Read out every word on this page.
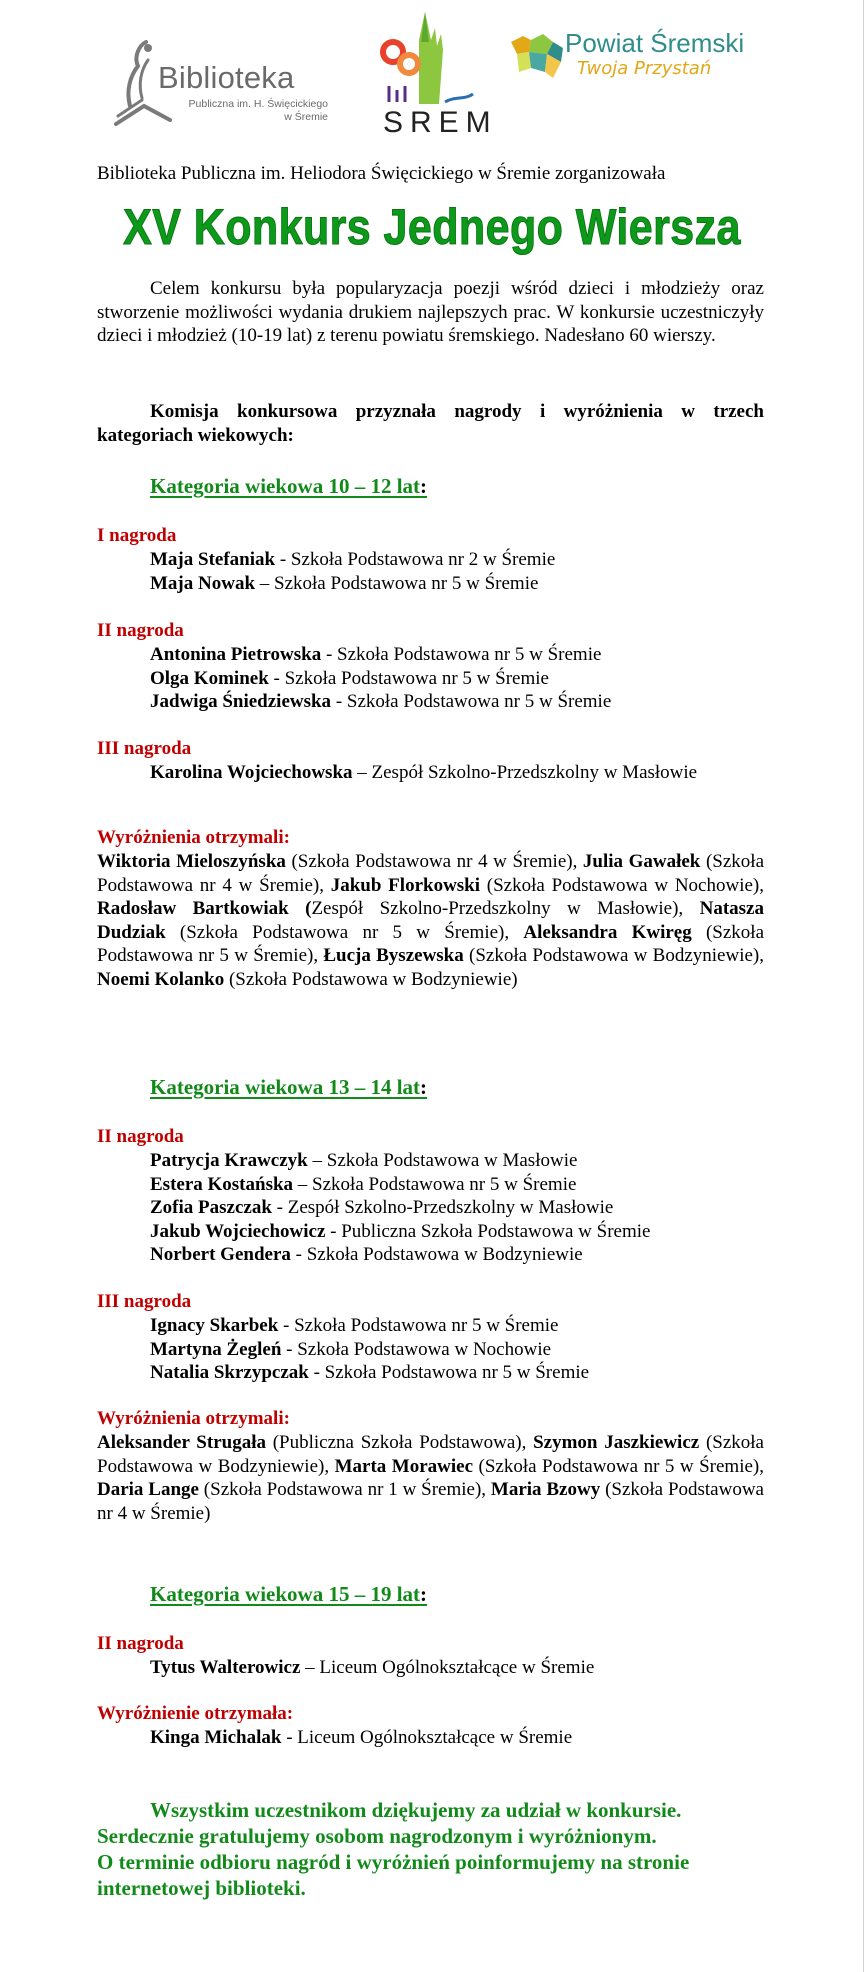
Biblioteka
Publiczna im. H. Święcickiego w Śremie SREM
Powiat Śremski
Twoja Przystań
Biblioteka Publiczna im. Heliodora Święcickiego w Śremie zorganizowała
XV Konkurs Jednego Wiersza
Celem konkursu była popularyzacja poezji wśród dzieci i młodzieży oraz stworzenie możliwości wydania drukiem najlepszych prac. W konkursie uczestniczyły dzieci i młodzież (10-19 lat) z terenu powiatu śremskiego. Nadesłano 60 wierszy.
Komisja konkursowa przyznała nagrody i wyróżnienia w trzech kategoriach wiekowych:
Kategoria wiekowa 10 – 12 lat:
I nagroda
Maja Stefaniak - Szkoła Podstawowa nr 2 w Śremie
Maja Nowak – Szkoła Podstawowa nr 5 w Śremie
II nagroda
Antonina Pietrowska - Szkoła Podstawowa nr 5 w Śremie
Olga Kominek - Szkoła Podstawowa nr 5 w Śremie
Jadwiga Śniedziewska - Szkoła Podstawowa nr 5 w Śremie
III nagroda
Karolina Wojciechowska – Zespół Szkolno-Przedszkolny w Masłowie
Wyróżnienia otrzymali:
Wiktoria Mieloszyńska (Szkoła Podstawowa nr 4 w Śremie), Julia Gawałek (Szkoła Podstawowa nr 4 w Śremie), Jakub Florkowski (Szkoła Podstawowa w Nochowie), Radosław Bartkowiak (Zespół Szkolno-Przedszkolny w Masłowie), Natasza Dudziak (Szkoła Podstawowa nr 5 w Śremie), Aleksandra Kwiręg (Szkoła Podstawowa nr 5 w Śremie), Łucja Byszewska (Szkoła Podstawowa w Bodzyniewie), Noemi Kolanko (Szkoła Podstawowa w Bodzyniewie)
Kategoria wiekowa 13 – 14 lat:
II nagroda
Patrycja Krawczyk – Szkoła Podstawowa w Masłowie
Estera Kostańska – Szkoła Podstawowa nr 5 w Śremie
Zofia Paszczak - Zespół Szkolno-Przedszkolny w Masłowie
Jakub Wojciechowicz - Publiczna Szkoła Podstawowa w Śremie
Norbert Gendera - Szkoła Podstawowa w Bodzyniewie
III nagroda
Ignacy Skarbek - Szkoła Podstawowa nr 5 w Śremie
Martyna Żegleń - Szkoła Podstawowa w Nochowie
Natalia Skrzypczak - Szkoła Podstawowa nr 5 w Śremie
Wyróżnienia otrzymali:
Aleksander Strugała (Publiczna Szkoła Podstawowa), Szymon Jaszkiewicz (Szkoła Podstawowa w Bodzyniewie), Marta Morawiec (Szkoła Podstawowa nr 5 w Śremie), Daria Lange (Szkoła Podstawowa nr 1 w Śremie), Maria Bzowy (Szkoła Podstawowa nr 4 w Śremie)
Kategoria wiekowa 15 – 19 lat:
II nagroda
Tytus Walterowicz – Liceum Ogólnokształcące w Śremie
Wyróżnienie otrzymała:
Kinga Michalak - Liceum Ogólnokształcące w Śremie
Wszystkim uczestnikom dziękujemy za udział w konkursie.
Serdecznie gratulujemy osobom nagrodzonym i wyróżnionym.
O terminie odbioru nagród i wyróżnień poinformujemy na stronie internetowej biblioteki.
